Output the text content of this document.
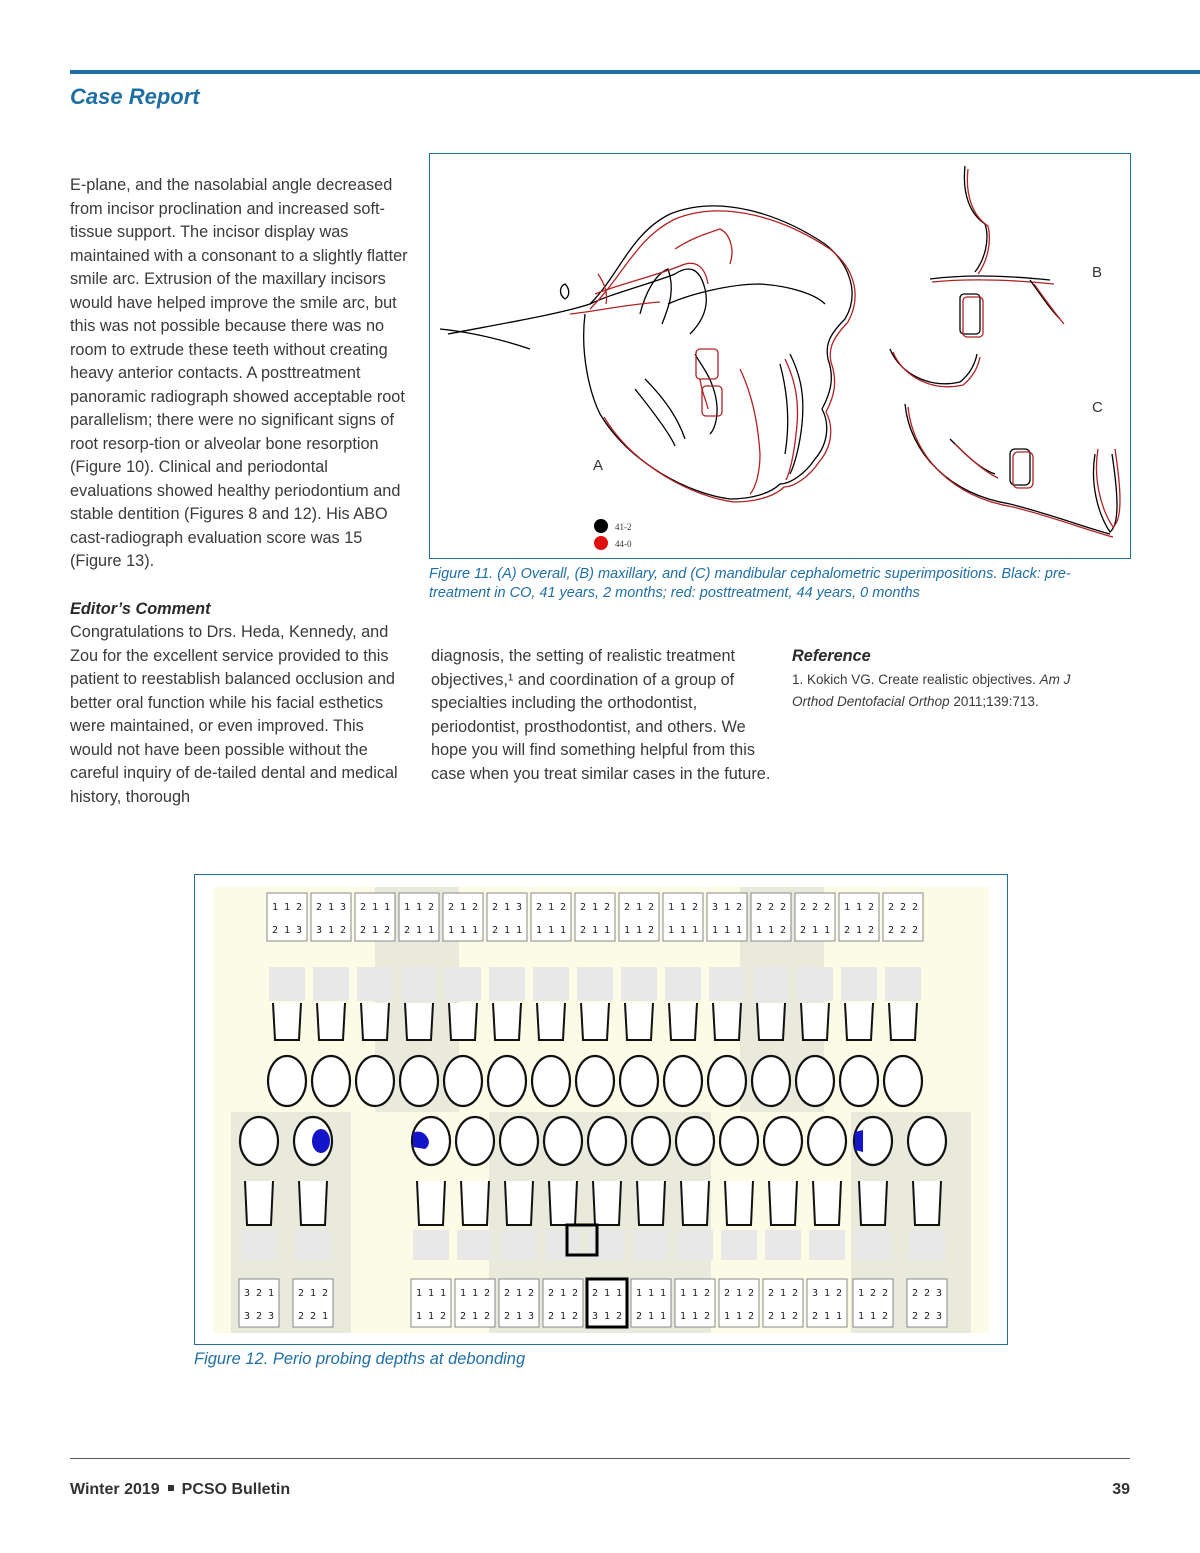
Case Report

E-plane, and the nasolabial angle decreased from incisor proclination and increased soft-tissue support. The incisor display was maintained with a consonant to a slightly flatter smile arc. Extrusion of the maxillary incisors would have helped improve the smile arc, but this was not possible because there was no room to extrude these teeth without creating heavy anterior contacts. A posttreatment panoramic radiograph showed acceptable root parallelism; there were no significant signs of root resorp-tion or alveolar bone resorption (Figure 10). Clinical and periodontal evaluations showed healthy periodontium and stable dentition (Figures 8 and 12). His ABO cast-radiograph evaluation score was 15 (Figure 13).

Editor’s Comment

Congratulations to Drs. Heda, Kennedy, and Zou for the excellent service provided to this patient to reestablish balanced occlusion and better oral function while his facial esthetics were maintained, or even improved. This would not have been possible without the careful inquiry of de-tailed dental and medical history, thorough

diagnosis, the setting of realistic treatment objectives,¹ and coordination of a group of specialties including the orthodontist, periodontist, prosthodontist, and others. We hope you will find something helpful from this case when you treat similar cases in the future.

Reference

1. Kokich VG. Create realistic objectives. Am J Orthod Dentofacial Orthop 2011;139:713.

A
B
C
41-2
44-0
Figure 11. (A) Overall, (B) maxillary, and (C) mandibular cephalometric superimpositions. Black: pre-treatment in CO, 41 years, 2 months; red: posttreatment, 44 years, 0 months
1 1 2
2 1 3
2 1 3
3 1 2
2 1 1
2 1 2
1 1 2
2 1 1
2 1 2
1 1 1
2 1 3
2 1 1
2 1 2
1 1 1
2 1 2
2 1 1
2 1 2
1 1 2
1 1 2
1 1 1
3 1 2
1 1 1
2 2 2
1 1 2
2 2 2
2 1 1
1 1 2
2 1 2
2 2 2
2 2 2
3 2 1
3 2 3
2 1 2
2 2 1
1 1 1
1 1 2
1 1 2
2 1 2
2 1 2
2 1 3
2 1 2
2 1 2
2 1 1
3 1 2
1 1 1
2 1 1
1 1 2
1 1 2
2 1 2
1 1 2
2 1 2
2 1 2
3 1 2
2 1 1
1 2 2
1 1 2
2 2 3
2 2 3
Figure 12. Perio probing depths at debonding
Winter 2019 PCSO Bulletin	39
